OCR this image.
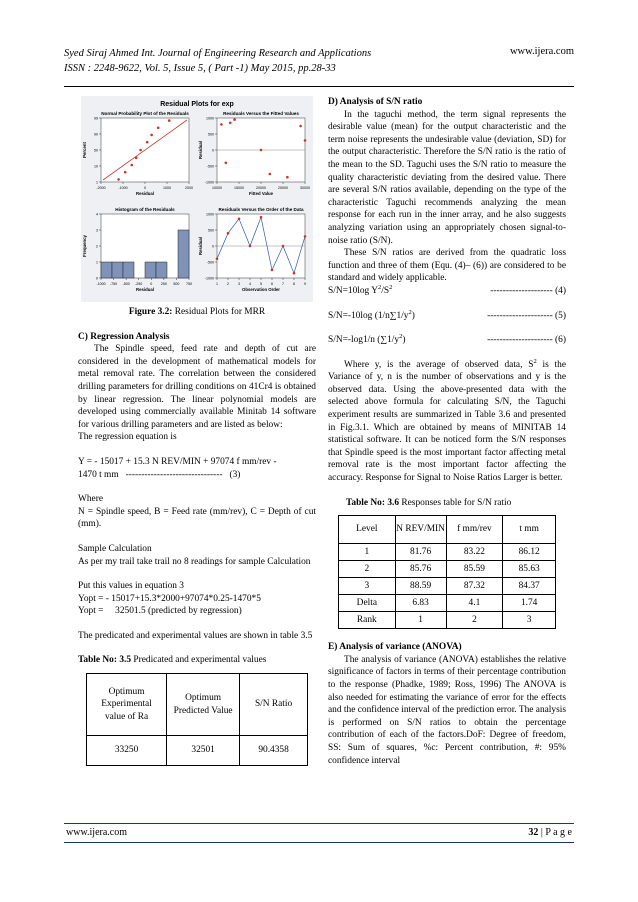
Syed Siraj Ahmed Int. Journal of Engineering Research and Applications
ISSN : 2248-9622, Vol. 5, Issue 5, ( Part -1) May 2015, pp.28-33
www.ijera.com
Residual Plots for exp
Normal Probability Plot of the Residuals
-2000	-1000	0	1000	2000
99
90
50
10
1
Residual
Percent
Residuals Versus the Fitted Values
10000	15000	20000	25000	30000
1000
500
0
-500
-1000
Fitted Value
Residual
Histogram of the Residuals
-1000 -750 -500 -250 0 250 500 750
4
3
2
1
0
Residual
Frequency
Residuals Versus the Order of the Data
1	2	3	4	5	6	7	8	9
1000
500
0
-500
-1000
Observation Order
Residual

Figure 3.2: Residual Plots for MRR

C) Regression Analysis

The Spindle speed, feed rate and depth of cut are considered in the development of mathematical models for metal removal rate. The correlation between the considered drilling parameters for drilling conditions on 41Cr4 is obtained by linear regression. The linear polynomial models are developed using commercially available Minitab 14 software for various drilling parameters and are listed as below:

The regression equation is

Y = - 15017 + 15.3 N REV/MIN + 97074 f mm/rev -

1470 t mm   -------------------------------   (3)

Where

N = Spindle speed, B = Feed rate (mm/rev), C = Depth of cut (mm).

Sample Calculation

As per my trail take trail no 8 readings for sample Calculation

Put this values in equation 3

Yopt = - 15017+15.3*2000+97074*0.25-1470*5

Yopt =     32501.5 (predicted by regression)

The predicated and experimental values are shown in table 3.5

Table No: 3.5 Predicated and experimental values

Optimum Experimental value of Ra	Optimum Predicted Value	S/N Ratio
33250	32501	90.4358

D) Analysis of S/N ratio

In the taguchi method, the term signal represents the desirable value (mean) for the output characteristic and the term noise represents the undesirable value (deviation, SD) for the output characteristic. Therefore the S/N ratio is the ratio of the mean to the SD. Taguchi uses the S/N ratio to measure the quality characteristic deviating from the desired value. There are several S/N ratios available, depending on the type of the characteristic Taguchi recommends analyzing the mean response for each run in the inner array, and he also suggests analyzing variation using an appropriately chosen signal-to-noise ratio (S/N).

These S/N ratios are derived from the quadratic loss function and three of them (Equ. (4)– (6)) are considered to be standard and widely applicable.

S/N=10log $Y^2/S^2$	-------------------- (4)

S/N=-10log $(1/n\sum 1/y^2)$	--------------------- (5)

S/N=-log1/n $(\sum 1/y^2)$	--------------------- (6)

Where y, is the average of observed data, $S^2$ is the Variance of y, n is the number of observations and y is the observed data. Using the above-presented data with the selected above formula for calculating S/N, the Taguchi experiment results are summarized in Table 3.6 and presented in Fig.3.1. Which are obtained by means of MINITAB 14 statistical software. It can be noticed form the S/N responses that Spindle speed is the most important factor affecting metal removal rate is the most important factor affecting the accuracy. Response for Signal to Noise Ratios Larger is better.

Table No: 3.6 Responses table for S/N ratio

Level	N REV/MIN	f mm/rev	t mm
1	81.76	83.22	86.12
2	85.76	85.59	85.63
3	88.59	87.32	84.37
Delta	6.83	4.1	1.74
Rank	1	2	3

E) Analysis of variance (ANOVA)

The analysis of variance (ANOVA) establishes the relative significance of factors in terms of their percentage contribution to the response (Phadke, 1989; Ross, 1996) The ANOVA is also needed for estimating the variance of error for the effects and the confidence interval of the prediction error. The analysis is performed on S/N ratios to obtain the percentage contribution of each of the factors.DoF: Degree of freedom, SS: Sum of squares, %c: Percent contribution, #: 95% confidence interval

www.ijera.com	32 | P a g e
